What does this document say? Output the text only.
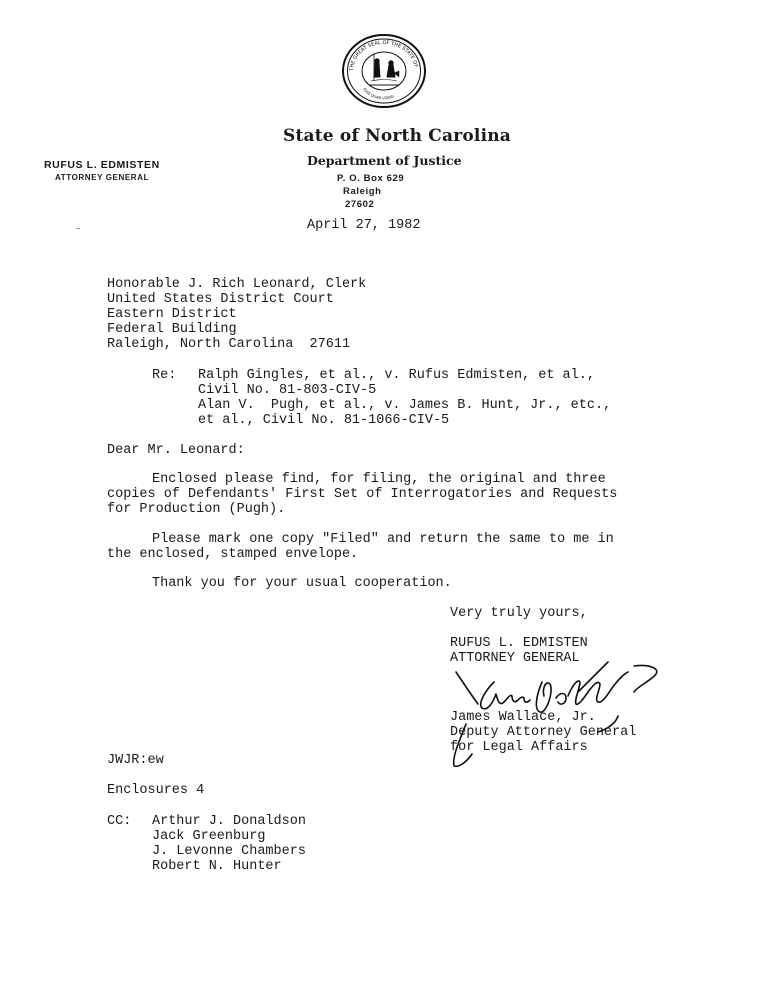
THE GREAT SEAL OF THE STATE OF
ESSE QUAM VIDERI
State of North Carolina
Department of Justice
P. O. Box 629
Raleigh
27602
RUFUS L. EDMISTEN
ATTORNEY GENERAL
April 27, 1982
Honorable J. Rich Leonard, Clerk
United States District Court
Eastern District
Federal Building
Raleigh, North Carolina  27611
Re: Ralph Gingles, et al., v. Rufus Edmisten, et al.,
Civil No. 81-803-CIV-5
Alan V.  Pugh, et al., v. James B. Hunt, Jr., etc.,
et al., Civil No. 81-1066-CIV-5
Dear Mr. Leonard:
Enclosed please find, for filing, the original and three
copies of Defendants' First Set of Interrogatories and Requests
for Production (Pugh).
Please mark one copy "Filed" and return the same to me in
the enclosed, stamped envelope.
Thank you for your usual cooperation.
Very truly yours,
RUFUS L. EDMISTEN
ATTORNEY GENERAL
James Wallace, Jr.
Deputy Attorney General
for Legal Affairs
JWJR:ew
Enclosures 4
CC: Arthur J. Donaldson
Jack Greenburg
J. Levonne Chambers
Robert N. Hunter
